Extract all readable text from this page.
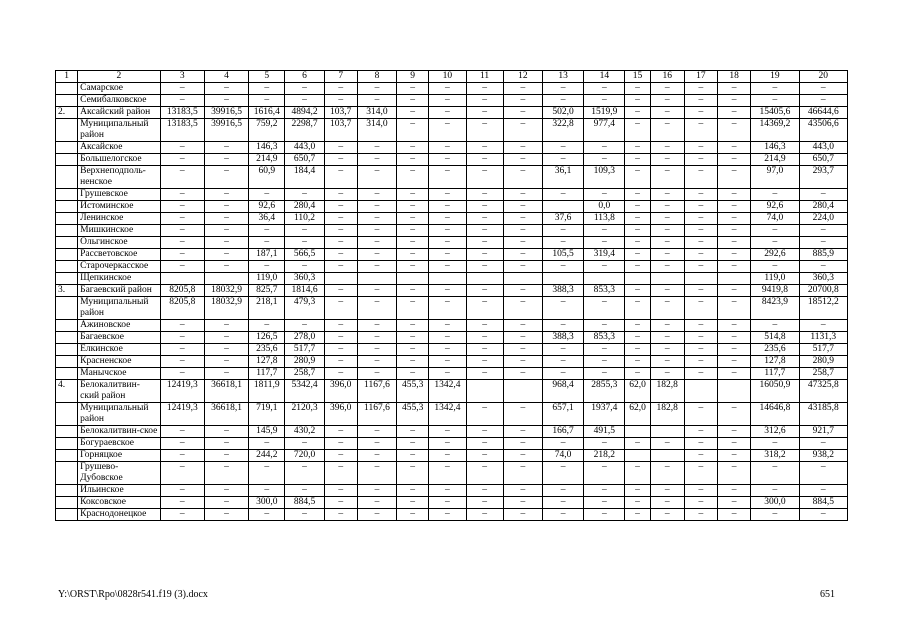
1	2	3	4	5	6	7	8	9	10	11	12	13	14	15	16	17	18	19	20
	Самарское	–	–	–	–	–	–	–	–	–	–	–	–	–	–	–	–	–	–
	Семибалковское	–	–	–	–	–	–	–	–	–	–	–	–	–	–	–	–	–	–
2.	Аксайский район	13183,5	39916,5	1616,4	4894,2	103,7	314,0	–	–	–	–	502,0	1519,9	–	–	–	–	15405,6	46644,6
	Муниципальный район	13183,5	39916,5	759,2	2298,7	103,7	314,0	–	–	–	–	322,8	977,4	–	–	–	–	14369,2	43506,6
	Аксайское	–	–	146,3	443,0	–	–	–	–	–	–	–	–	–	–	–	–	146,3	443,0
	Большелогское	–	–	214,9	650,7	–	–	–	–	–	–	–	–	–	–	–	–	214,9	650,7
	Верхнеподполь-ненское	–	–	60,9	184,4	–	–	–	–	–	–	36,1	109,3	–	–	–	–	97,0	293,7
	Грушевское	–	–	–	–	–	–	–	–	–	–	–	–	–	–	–	–	–	–
	Истоминское	–	–	92,6	280,4	–	–	–	–	–	–		0,0	–	–	–	–	92,6	280,4
	Ленинское	–	–	36,4	110,2	–	–	–	–	–	–	37,6	113,8	–	–	–	–	74,0	224,0
	Мишкинское	–	–	–	–	–	–	–	–	–	–	–	–	–	–	–	–	–	–
	Ольгинское	–	–	–	–	–	–	–	–	–	–	–	–	–	–	–	–	–	–
	Рассветовское	–	–	187,1	566,5	–	–	–	–	–	–	105,5	319,4	–	–	–	–	292,6	885,9
	Старочеркасское	–	–	–	–	–	–	–	–	–	–	–	–	–	–	–	–	–	–
	Щепкинское			119,0	360,3													119,0	360,3
3.	Багаевский район	8205,8	18032,9	825,7	1814,6	–	–	–	–	–	–	388,3	853,3	–	–	–	–	9419,8	20700,8
	Муниципальный район	8205,8	18032,9	218,1	479,3	–	–	–	–	–	–	–	–	–	–	–	–	8423,9	18512,2
	Ажиновское	–	–	–	–	–	–	–	–	–	–	–	–	–	–	–	–	–	–
	Багаевское	–	–	126,5	278,0	–	–	–	–	–	–	388,3	853,3	–	–	–	–	514,8	1131,3
	Елкинское	–	–	235,6	517,7	–	–	–	–	–	–	–	–	–	–	–	–	235,6	517,7
	Красненское	–	–	127,8	280,9	–	–	–	–	–	–	–	–	–	–	–	–	127,8	280,9
	Манычское	–	–	117,7	258,7	–	–	–	–	–	–	–	–	–	–	–	–	117,7	258,7
4.	Белокалитвин-ский район	12419,3	36618,1	1811,9	5342,4	396,0	1167,6	455,3	1342,4			968,4	2855,3	62,0	182,8			16050,9	47325,8
	Муниципальный район	12419,3	36618,1	719,1	2120,3	396,0	1167,6	455,3	1342,4	–	–	657,1	1937,4	62,0	182,8	–	–	14646,8	43185,8
	Белокалитвин-ское	–	–	145,9	430,2	–	–	–	–	–	–	166,7	491,5			–	–	312,6	921,7
	Богураевское	–	–	–	–	–	–	–	–	–	–	–	–	–	–	–	–	–	–
	Горняцкое	–	–	244,2	720,0	–	–	–	–	–	–	74,0	218,2			–	–	318,2	938,2
	Грушево-Дубовское	–	–	–	–	–	–	–	–	–	–	–	–	–	–	–	–	–	–
	Ильинское	–	–	–	–	–	–	–	–	–	–	–	–	–	–	–	–	–	–
	Коксовское	–	–	300,0	884,5	–	–	–	–	–	–	–	–	–	–	–	–	300,0	884,5
	Краснодонецкое	–	–	–	–	–	–	–	–	–	–	–	–	–	–	–	–	–	–
Y:\ORST\Rpo\0828r541.f19 (3).docx	651
